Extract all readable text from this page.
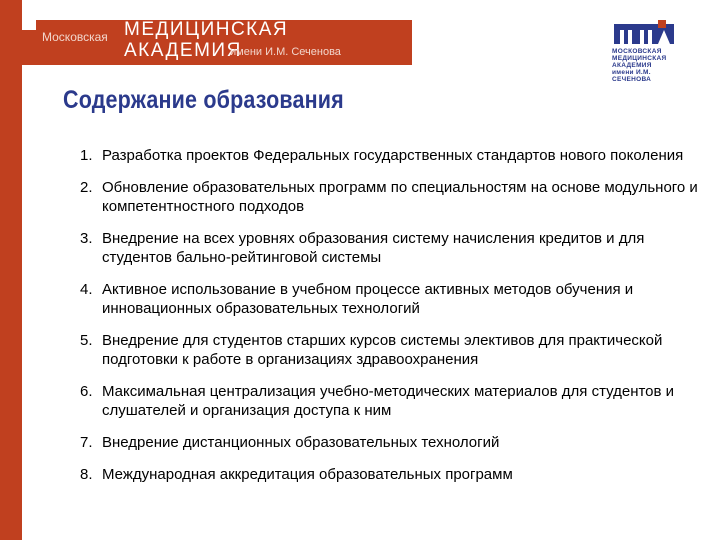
Московская МЕДИЦИНСКАЯ
АКАДЕМИЯ
имени И.М. Сеченова	МОСКОВСКАЯ
МЕДИЦИНСКАЯ
АКАДЕМИЯ
имени И.М. СЕЧЕНОВА
Содержание образования
1. Разработка проектов Федеральных государственных стандартов нового поколения
2. Обновление образовательных программ по специальностям на основе модульного и компетентностного подходов
3. Внедрение на всех уровнях образования систему начисления кредитов и для студентов бально-рейтинговой системы
4. Активное использование в учебном процессе активных методов обучения и инновационных образовательных технологий
5. Внедрение для студентов старших курсов системы элективов для практической подготовки к работе в организациях здравоохранения
6. Максимальная централизация учебно-методических материалов для студентов и слушателей и организация доступа к ним
7. Внедрение дистанционных образовательных технологий
8. Международная аккредитация образовательных программ
